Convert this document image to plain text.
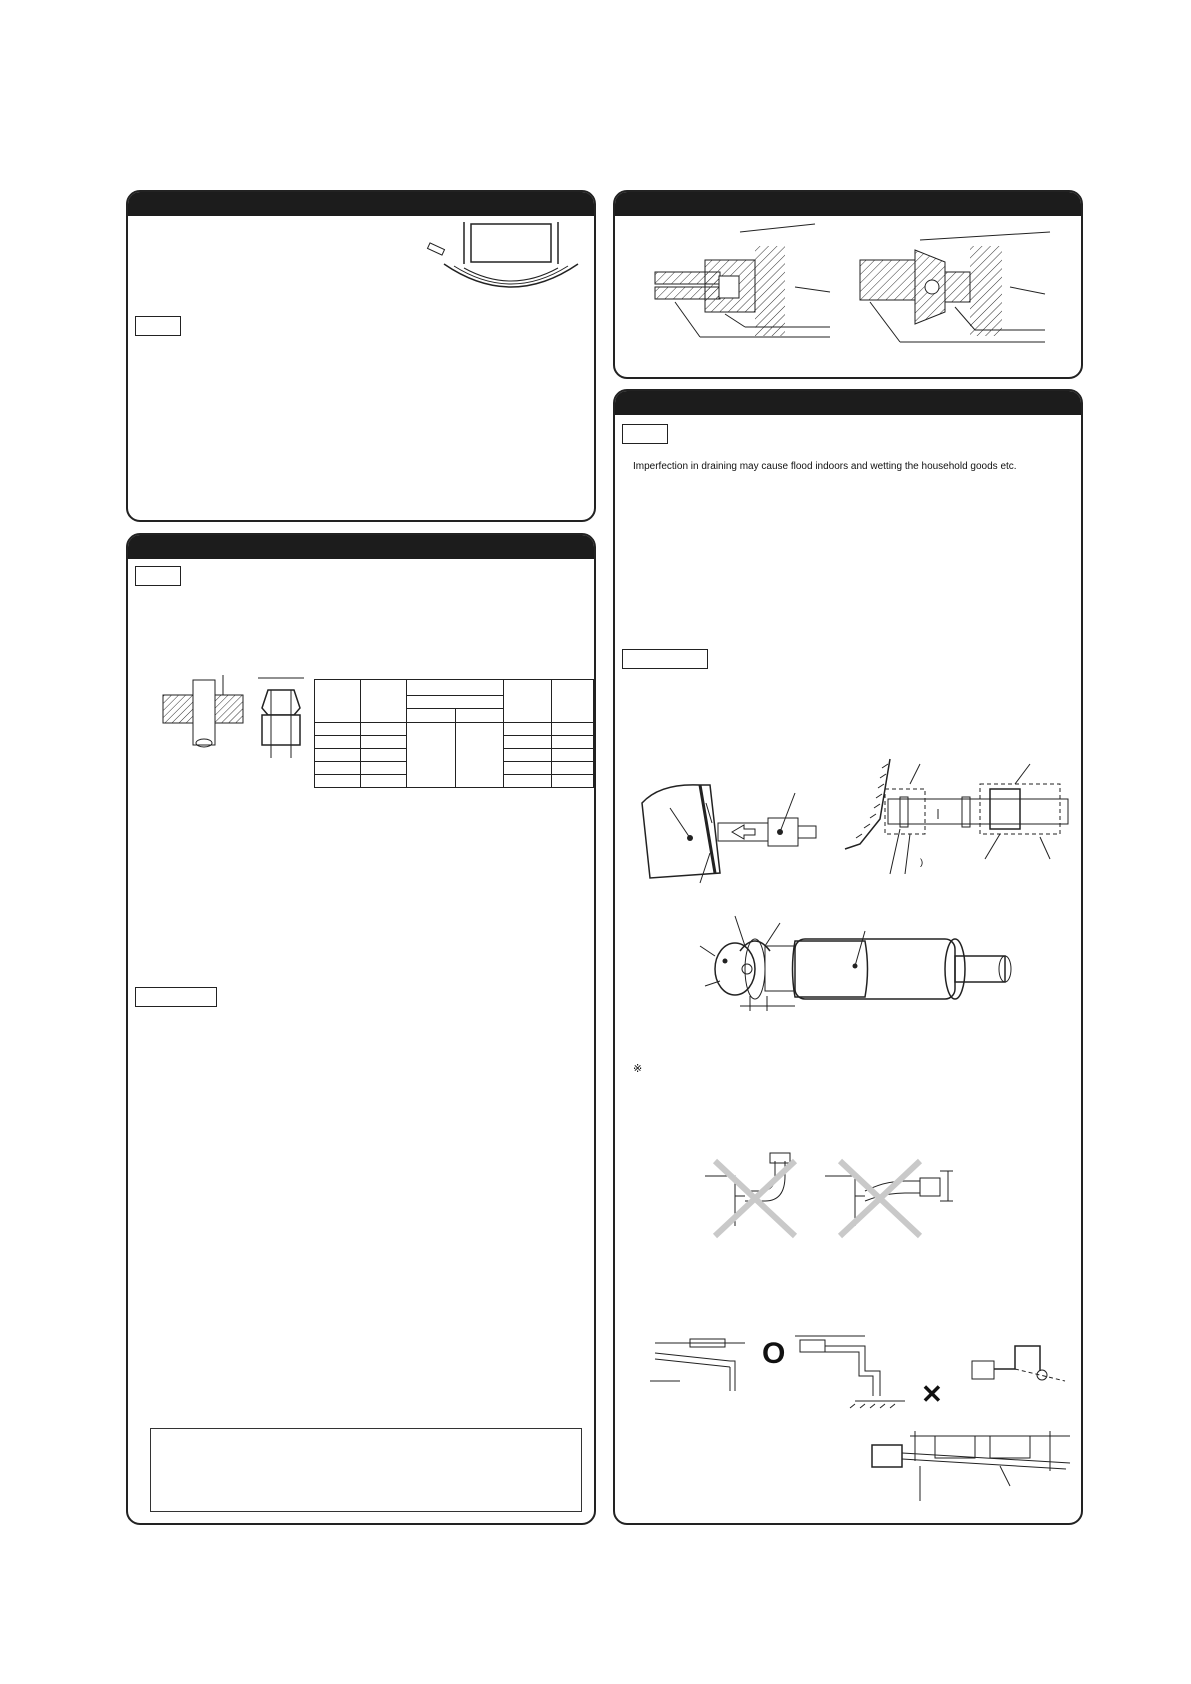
Imperfection in draining may cause flood indoors and wetting the household goods etc.
)
※
O
✕
